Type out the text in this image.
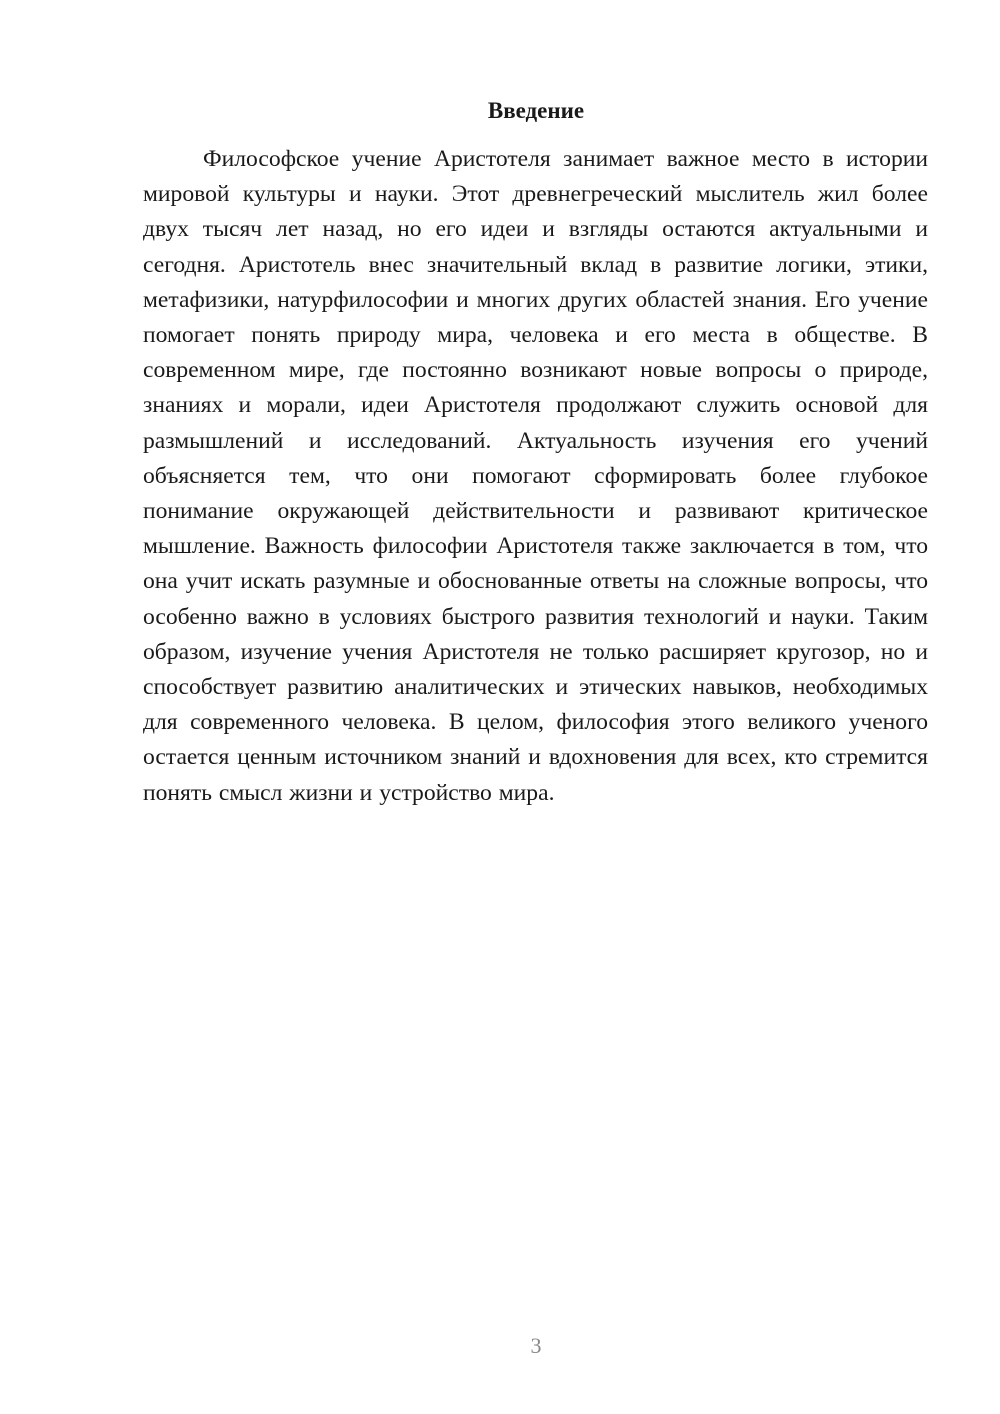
Введение

Философское учение Аристотеля занимает важное место в истории мировой культуры и науки. Этот древнегреческий мыслитель жил более двух тысяч лет назад, но его идеи и взгляды остаются актуальными и сегодня. Аристотель внес значительный вклад в развитие логики, этики, метафизики, натурфилософии и многих других областей знания. Его учение помогает понять природу мира, человека и его места в обществе. В современном мире, где постоянно возникают новые вопросы о природе, знаниях и морали, идеи Аристотеля продолжают служить основой для размышлений и исследований. Актуальность изучения его учений объясняется тем, что они помогают сформировать более глубокое понимание окружающей действительности и развивают критическое мышление. Важность философии Аристотеля также заключается в том, что она учит искать разумные и обоснованные ответы на сложные вопросы, что особенно важно в условиях быстрого развития технологий и науки. Таким образом, изучение учения Аристотеля не только расширяет кругозор, но и способствует развитию аналитических и этических навыков, необходимых для современного человека. В целом, философия этого великого ученого остается ценным источником знаний и вдохновения для всех, кто стремится понять смысл жизни и устройство мира.

3
